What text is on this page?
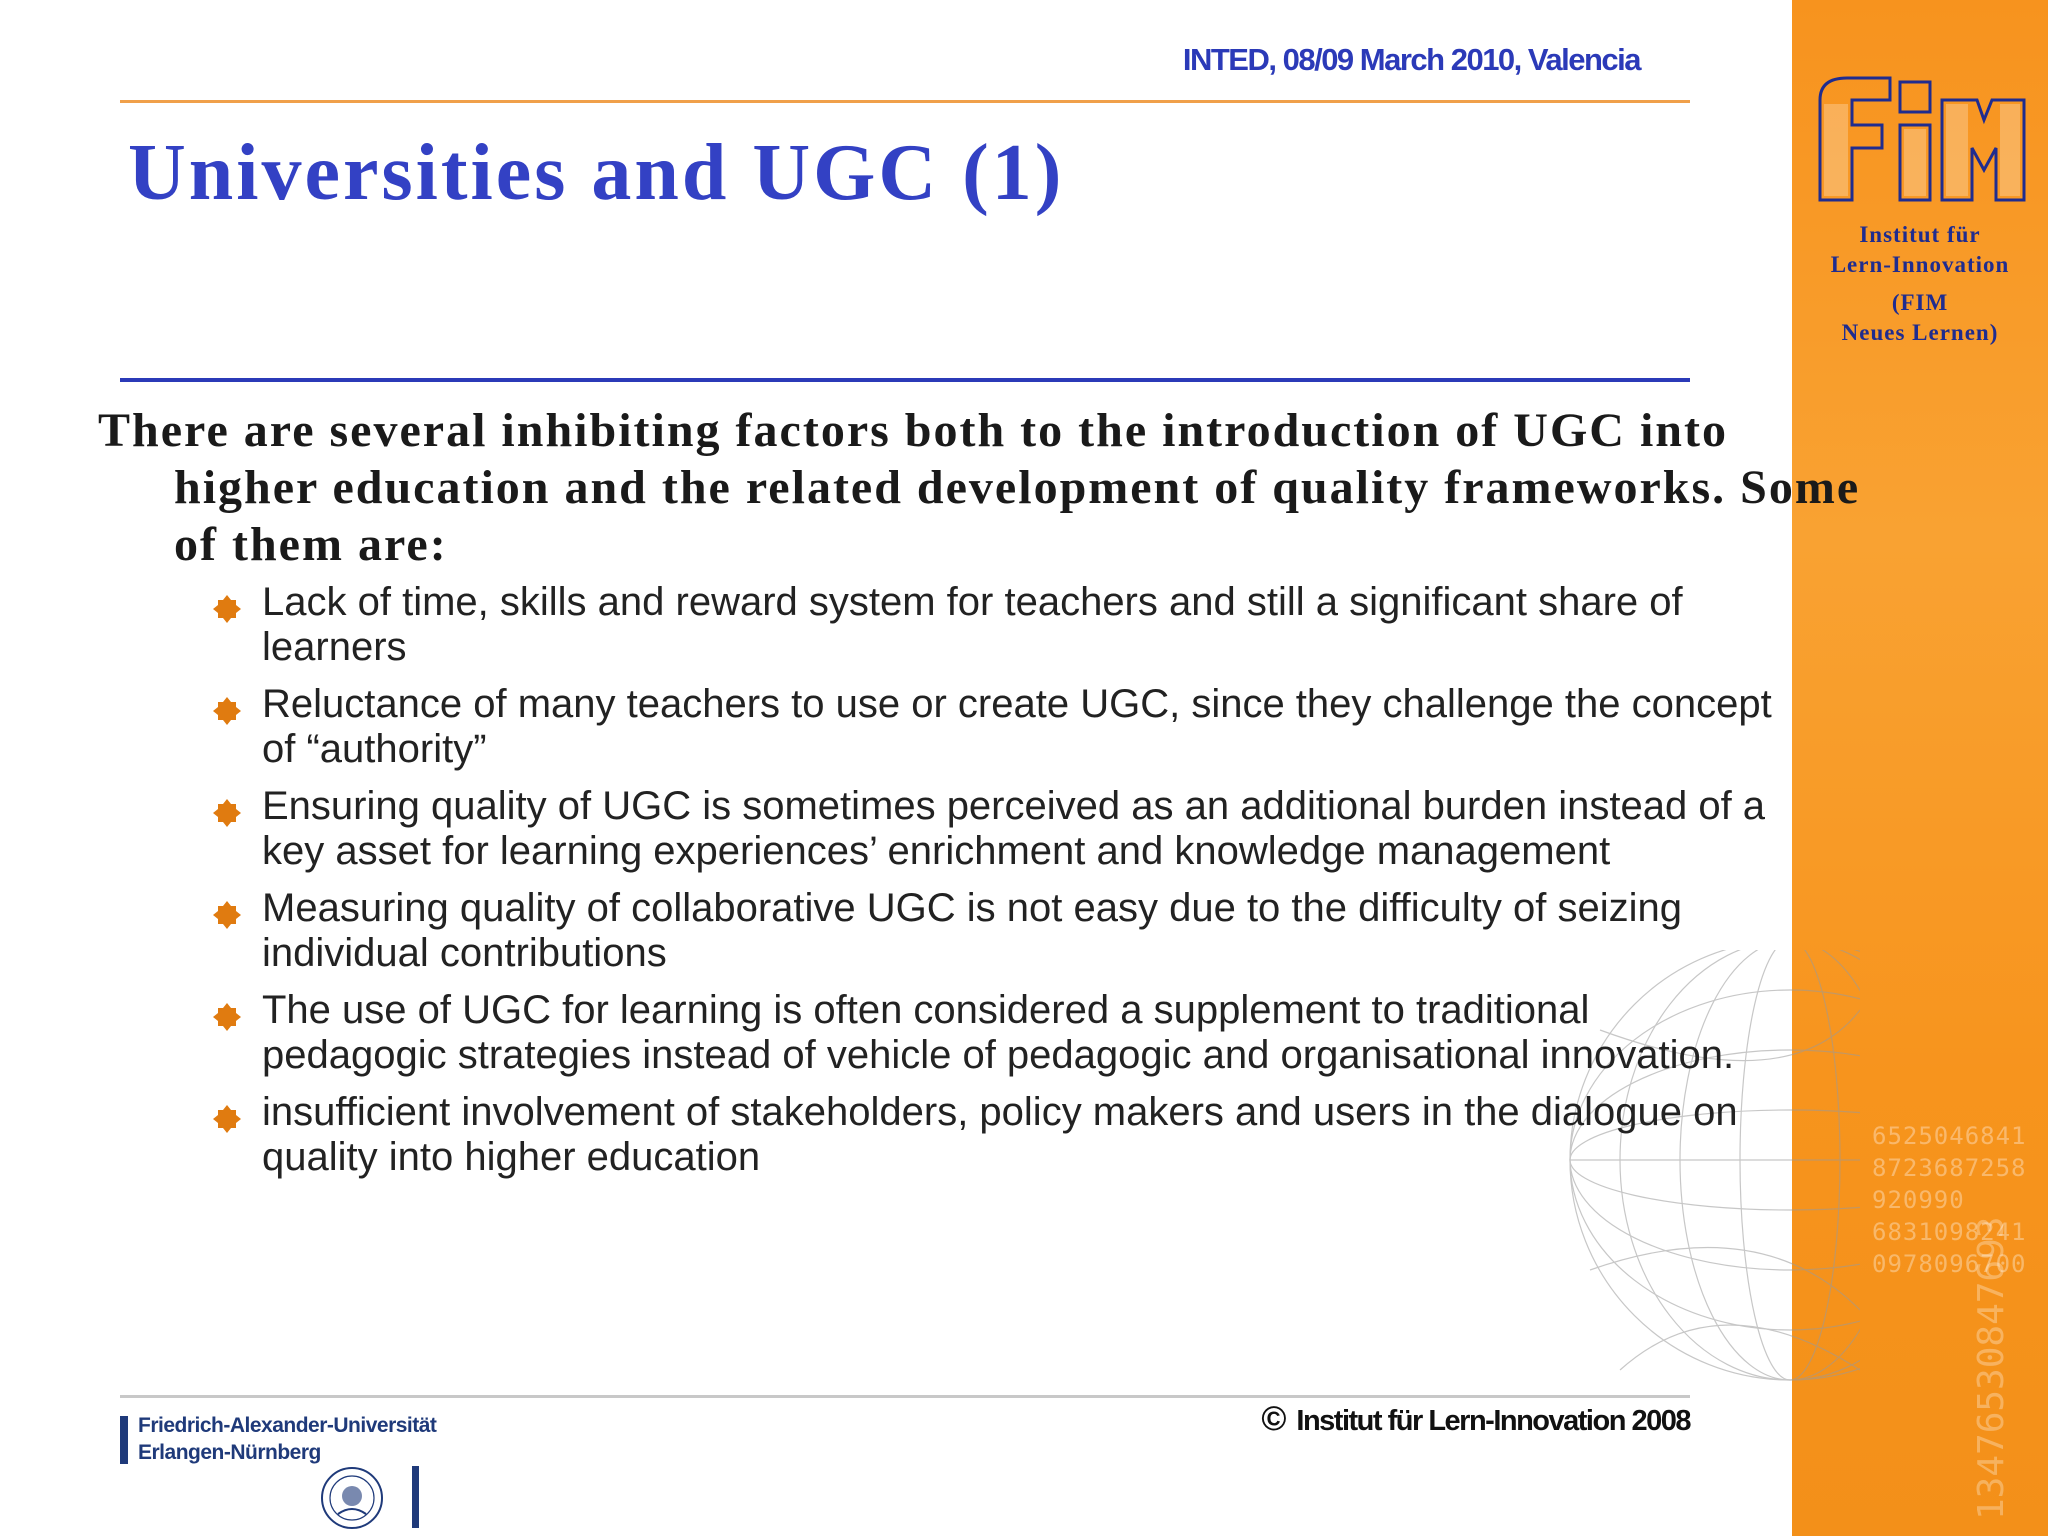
Institut für
Lern-Innovation
(FIM
Neues Lernen)
6525046841
8723687258
920990
6831098241
0978096700
13476530847693
INTED, 08/09 March 2010, Valencia
Universities and UGC (1)
There are several inhibiting factors both to the introduction of UGC into higher education and the related development of quality frameworks. Some of them are:
Lack of time, skills and reward system for teachers and still a significant share of learners
Reluctance of many teachers to use or create UGC, since they challenge the concept of “authority”
Ensuring quality of UGC is sometimes perceived as an additional burden instead of a key asset for learning experiences’ enrichment and knowledge management
Measuring quality of collaborative UGC is not easy due to the difficulty of seizing individual contributions
The use of UGC for learning is often considered a supplement to traditional pedagogic strategies instead of vehicle of pedagogic and organisational innovation.
insufficient involvement of stakeholders, policy makers and users in the dialogue on quality into higher education
© Institut für Lern-Innovation 2008
Friedrich-Alexander-Universität
Erlangen-Nürnberg
